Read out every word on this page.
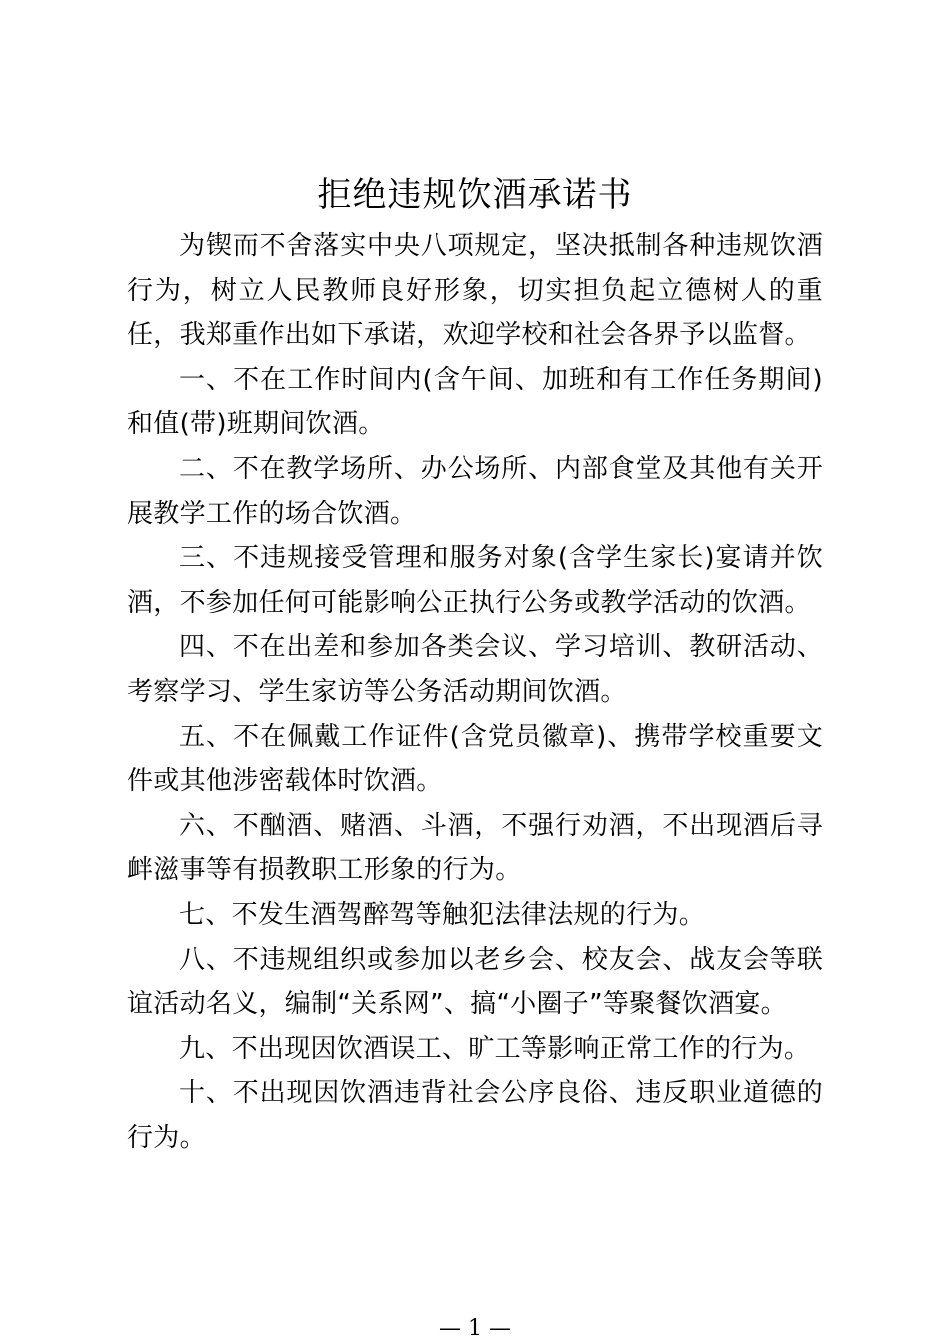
拒绝违规饮酒承诺书

为锲而不舍落实中央八项规定，坚决抵制各种违规饮酒行为，树立人民教师良好形象，切实担负起立德树人的重任，我郑重作出如下承诺，欢迎学校和社会各界予以监督。

一、不在工作时间内(含午间、加班和有工作任务期间)和值(带)班期间饮酒。

二、不在教学场所、办公场所、内部食堂及其他有关开展教学工作的场合饮酒。

三、不违规接受管理和服务对象(含学生家长)宴请并饮酒，不参加任何可能影响公正执行公务或教学活动的饮酒。

四、不在出差和参加各类会议、学习培训、教研活动、考察学习、学生家访等公务活动期间饮酒。

五、不在佩戴工作证件(含党员徽章)、携带学校重要文件或其他涉密载体时饮酒。

六、不酗酒、赌酒、斗酒，不强行劝酒，不出现酒后寻衅滋事等有损教职工形象的行为。

七、不发生酒驾醉驾等触犯法律法规的行为。

八、不违规组织或参加以老乡会、校友会、战友会等联谊活动名义，编制“关系网”、搞“小圈子”等聚餐饮酒宴。

九、不出现因饮酒误工、旷工等影响正常工作的行为。

十、不出现因饮酒违背社会公序良俗、违反职业道德的行为。

— 1 —
